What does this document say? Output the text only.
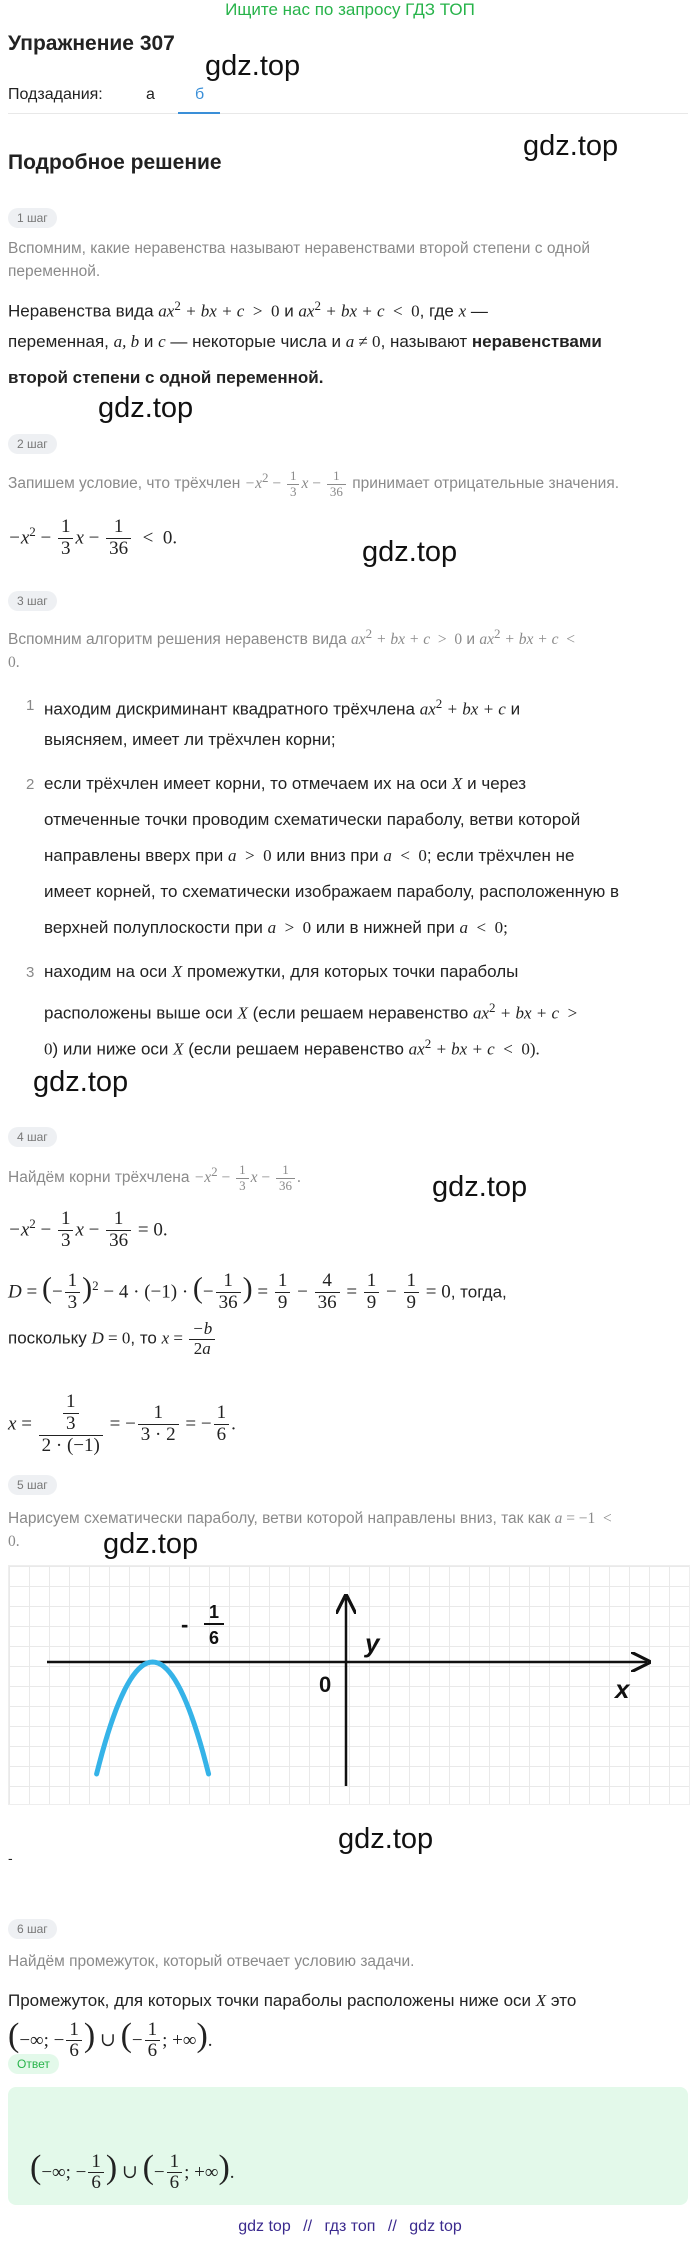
Ищите нас по запросу ГДЗ ТОП
Упражнение 307
gdz.top
gdz.top
gdz.top
gdz.top
gdz.top
gdz.top
gdz.top
gdz.top
Подзадания:	а	б
Подробное решение
1 шаг
Вспомним, какие неравенства называют неравенствами второй степени с одной переменной.
Неравенства вида $ax^2$ + bx + c  >  0 и $ax^2$ + bx + c  <  0, где x —
переменная, a, b и c — некоторые числа и a ≠ 0, называют неравенствами
второй степени с одной переменной.
2 шаг
Запишем условие, что трёхчлен $-x^2 - \frac{1}{3}$ $x - \frac{1}{36}$ принимает отрицательные значения.
$-x^2 - \frac{1}{3}$ $x - \frac{1}{36} < 0$.
3 шаг
Вспомним алгоритм решения неравенств вида $ax^2$ + bx + c  >  0 и $ax^2$ + bx + c  <
0.
1 находим дискриминант квадратного трёхчлена $ax^2$ + bx + c и
выясняем, имеет ли трёхчлен корни;
2 если трёхчлен имеет корни, то отмечаем их на оси X и через
отмеченные точки проводим схематически параболу, ветви которой
направлены вверх при a  >  0 или вниз при a  <  0; если трёхчлен не
имеет корней, то схематически изображаем параболу, расположенную в
верхней полуплоскости при a  >  0 или в нижней при a  <  0;
3 находим на оси X промежутки, для которых точки параболы
расположены выше оси X (если решаем неравенство $ax^2$ + bx + c  >
0) или ниже оси X (если решаем неравенство $ax^2$ + bx + c  <  0).
4 шаг
Найдём корни трёхчлена $-x^2 - \frac{1}{3}$ $x - \frac{1}{36}$ .
$-x^2 - \frac{1}{3}$ $x - \frac{1}{36} = 0$.
D = (− $\frac{1}{3} )^2 - 4 \cdot (-1)$ · (− $\frac{1}{36}$ ) = $\frac{1}{9} - \frac{4}{36} = \frac{1}{9} - \frac{1}{9} = 0$, тогда,
поскольку D = 0, то $x = \frac{-b}{2a}$
$x = \frac{\frac{1}{3}}{2 \cdot (-1)}$ = − $\frac{1}{3 \cdot 2}$ = − $\frac{1}{6}$ .
5 шаг
Нарисуем схематически параболу, ветви которой направлены вниз, так как a = −1  <
0.
y
x
0
- 1
6
-
6 шаг
Найдём промежуток, который отвечает условию задачи.
Промежуток, для которых точки параболы расположены ниже оси X это
(−∞; − $\frac{1}{6}$ ) ∪ (− $\frac{1}{6}$ ; +∞).
Ответ
(−∞; − $\frac{1}{6}$ ) ∪ (− $\frac{1}{6}$ ; +∞).
gdz top // гдз топ // gdz top
